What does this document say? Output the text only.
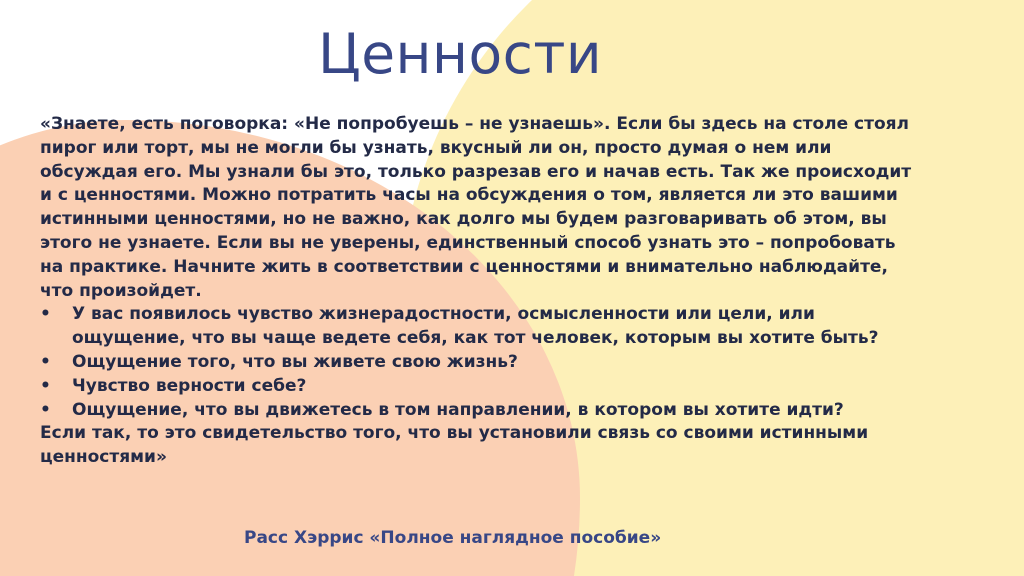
Ценности

«Знаете, есть поговорка: «Не попробуешь – не узнаешь». Если бы здесь на столе стоял пирог или торт, мы не могли бы узнать, вкусный ли он, просто думая о нем или обсуждая его. Мы узнали бы это, только разрезав его и начав есть. Так же происходит и с ценностями. Можно потратить часы на обсуждения о том, является ли это вашими истинными ценностями, но не важно, как долго мы будем разговаривать об этом, вы этого не узнаете. Если вы не уверены, единственный способ узнать это – попробовать на практике. Начните жить в соответствии с ценностями и внимательно наблюдайте, что произойдет.

• У вас появилось чувство жизнерадостности, осмысленности или цели, или ощущение, что вы чаще ведете себя, как тот человек, которым вы хотите быть?
• Ощущение того, что вы живете свою жизнь?
• Чувство верности себе?
• Ощущение, что вы движетесь в том направлении, в котором вы хотите идти?

Если так, то это свидетельство того, что вы установили связь со своими истинными ценностями»

Расс Хэррис «Полное наглядное пособие»
